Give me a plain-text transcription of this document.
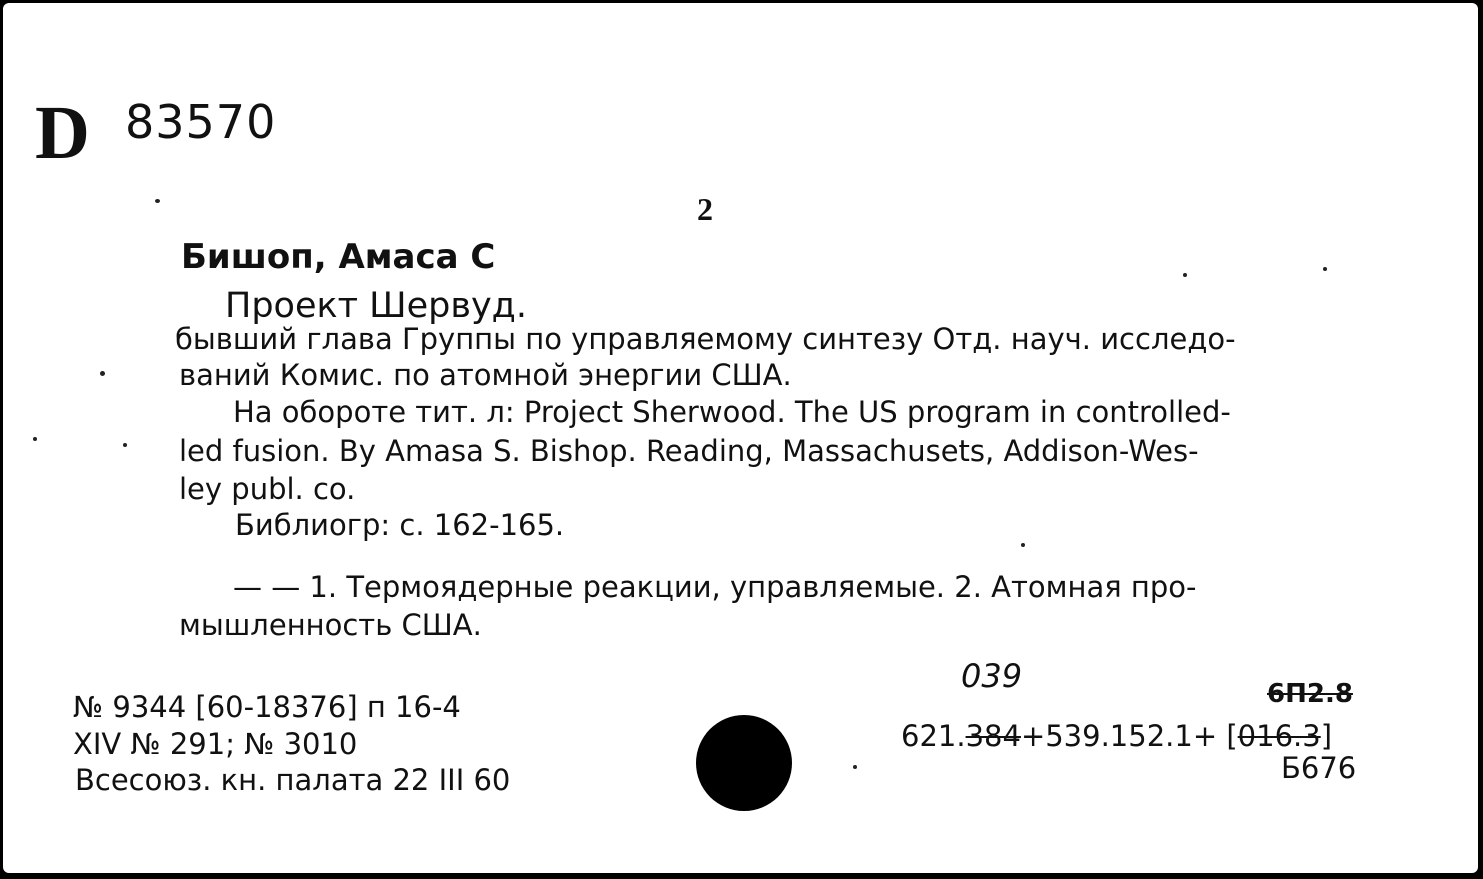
D 83570
2
Бишоп, Амаса С
Проект Шервуд.
бывший глава Группы по управляемому синтезу Отд. науч. исследо-
ваний Комис. по атомной энергии США.
На обороте тит. л: Project Sherwood. The US program in controlled-
led fusion. By Amasa S. Bishop. Reading, Massachusets, Addison-Wes-
ley publ. co.
Библиогр: с. 162-165.
— — 1. Термоядерные реакции, управляемые. 2. Атомная про-
мышленность США.
№ 9344 [60-18376] п 16-4
XIV № 291; № 3010
Всесоюз. кн. палата 22 III 60
039	6П2.8
621.384+539.152.1+ [016.3]
Б676
